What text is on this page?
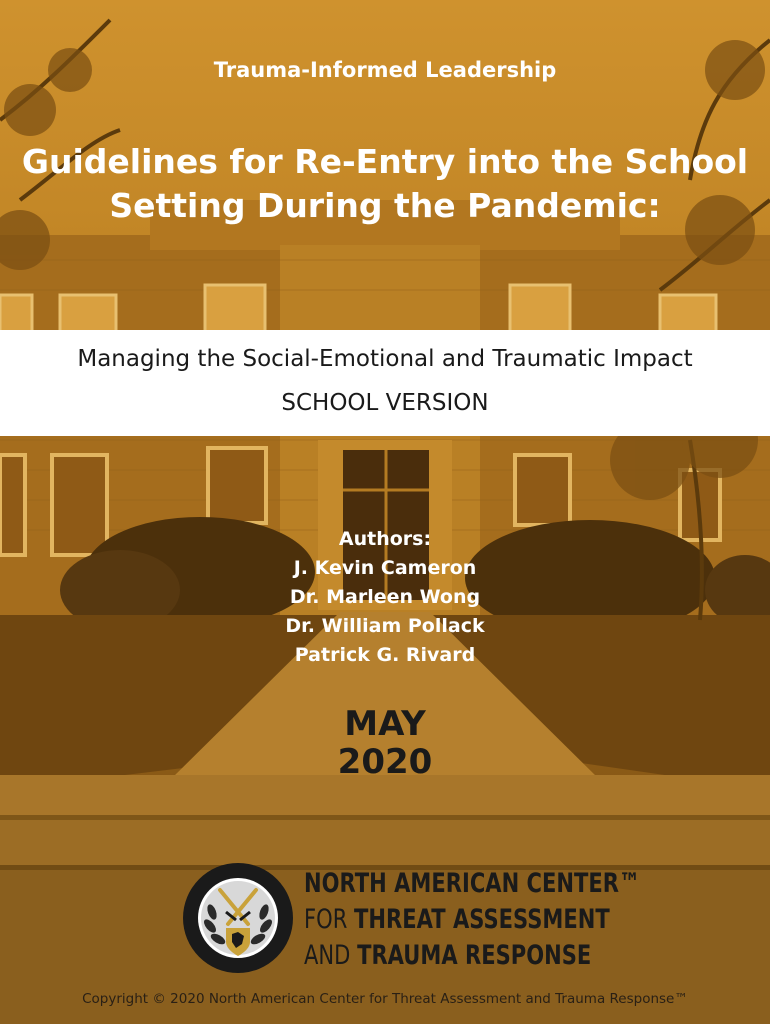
Trauma-Informed Leadership
Guidelines for Re-Entry into the School
Setting During the Pandemic:
Managing the Social-Emotional and Traumatic Impact
SCHOOL VERSION
Authors:
J. Kevin Cameron
Dr. Marleen Wong
Dr. William Pollack
Patrick G. Rivard
MAY
2020
NORTH AMERICAN CENTER™
FOR THREAT ASSESSMENT
AND TRAUMA RESPONSE
Copyright © 2020 North American Center for Threat Assessment and Trauma Response™
